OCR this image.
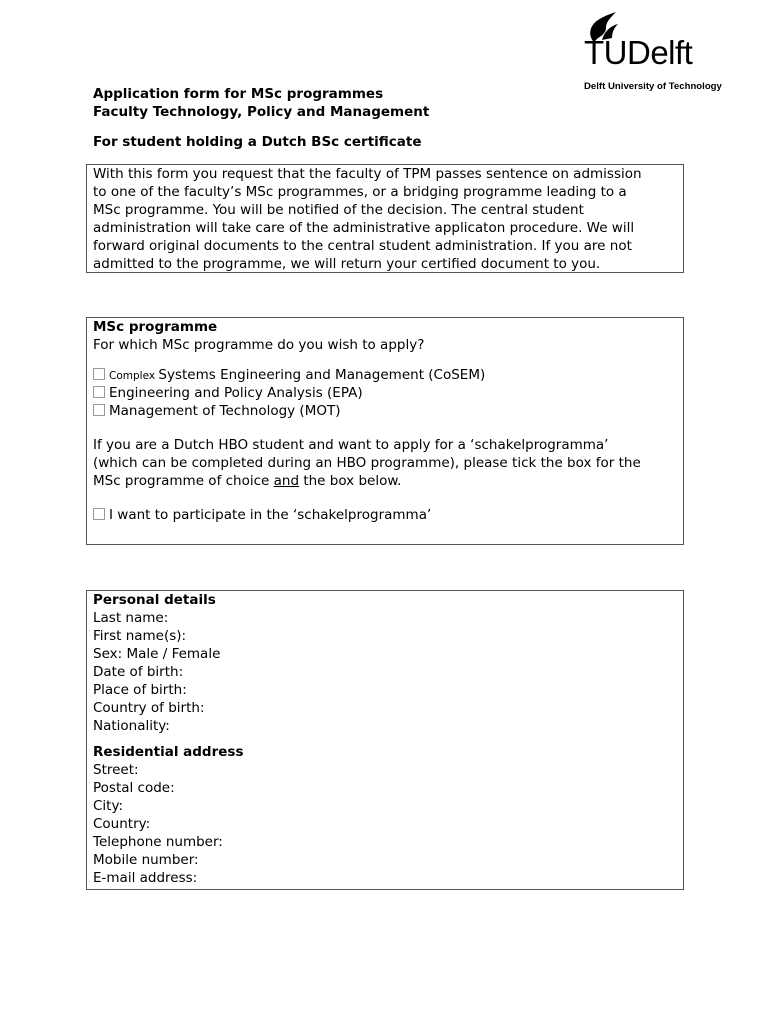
TUDelft
Delft University of Technology
Application form for MSc programmes
Faculty Technology, Policy and Management
For student holding a Dutch BSc certificate
With this form you request that the faculty of TPM passes sentence on admission
to one of the faculty’s MSc programmes, or a bridging programme leading to a
MSc programme. You will be notified of the decision. The central student
administration will take care of the administrative applicaton procedure. We will
forward original documents to the central student administration. If you are not
admitted to the programme, we will return your certified document to you.
MSc programme
For which MSc programme do you wish to apply?
Complex Systems Engineering and Management (CoSEM)
Engineering and Policy Analysis (EPA)
Management of Technology (MOT)
If you are a Dutch HBO student and want to apply for a ‘schakelprogramma’
(which can be completed during an HBO programme), please tick the box for the
MSc programme of choice and the box below.
I want to participate in the ‘schakelprogramma’
Personal details
Last name:
First name(s):
Sex: Male / Female
Date of birth:
Place of birth:
Country of birth:
Nationality:
Residential address
Street:
Postal code:
City:
Country:
Telephone number:
Mobile number:
E-mail address:
